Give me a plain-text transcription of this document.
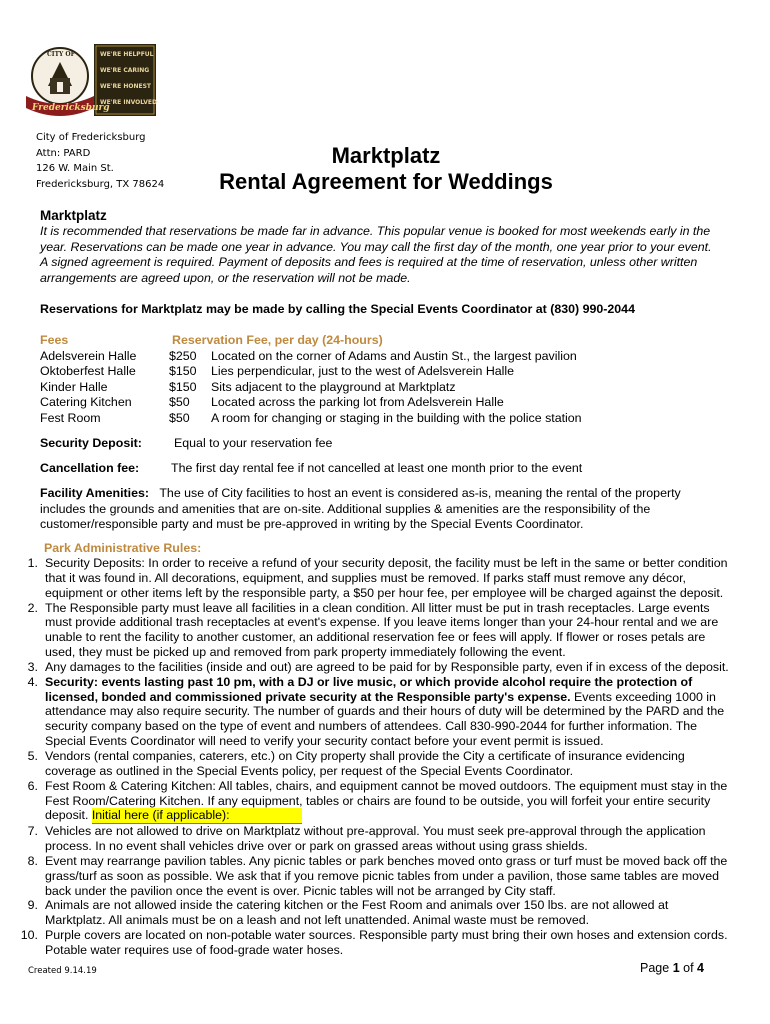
WE'RE HELPFUL
WE'RE CARING
WE'RE HONEST
WE'RE INVOLVED
CITY OF
Fredericksburg
City of Fredericksburg
Attn: PARD
126 W. Main St.
Fredericksburg, TX 78624
Marktplatz
Rental Agreement for Weddings
Marktplatz
It is recommended that reservations be made far in advance. This popular venue is booked for most weekends early in the
year. Reservations can be made one year in advance. You may call the first day of the month, one year prior to your event.
A signed agreement is required. Payment of deposits and fees is required at the time of reservation, unless other written
arrangements are agreed upon, or the reservation will not be made.
Reservations for Marktplatz may be made by calling the Special Events Coordinator at (830) 990-2044
Fees	Reservation Fee, per day (24-hours)
Adelsverein Halle	$250 Located on the corner of Adams and Austin St., the largest pavilion
Oktoberfest Halle	$150 Lies perpendicular, just to the west of Adelsverein Halle
Kinder Halle	$150 Sits adjacent to the playground at Marktplatz
Catering Kitchen	$50 Located across the parking lot from Adelsverein Halle
Fest Room	$50 A room for changing or staging in the building with the police station
Security Deposit:	Equal to your reservation fee
Cancellation fee:	The first day rental fee if not cancelled at least one month prior to the event
Facility Amenities: The use of City facilities to host an event is considered as-is, meaning the rental of the property
includes the grounds and amenities that are on-site. Additional supplies & amenities are the responsibility of the
customer/responsible party and must be pre-approved in writing by the Special Events Coordinator.
Park Administrative Rules:
1. Security Deposits: In order to receive a refund of your security deposit, the facility must be left in the same or better condition
that it was found in. All decorations, equipment, and supplies must be removed. If parks staff must remove any décor,
equipment or other items left by the responsible party, a $50 per hour fee, per employee will be charged against the deposit.
2. The Responsible party must leave all facilities in a clean condition. All litter must be put in trash receptacles. Large events
must provide additional trash receptacles at event's expense. If you leave items longer than your 24-hour rental and we are
unable to rent the facility to another customer, an additional reservation fee or fees will apply. If flower or roses petals are
used, they must be picked up and removed from park property immediately following the event.
3. Any damages to the facilities (inside and out) are agreed to be paid for by Responsible party, even if in excess of the deposit.
4. Security: events lasting past 10 pm, with a DJ or live music, or which provide alcohol require the protection of
licensed, bonded and commissioned private security at the Responsible party's expense. Events exceeding 1000 in
attendance may also require security. The number of guards and their hours of duty will be determined by the PARD and the
security company based on the type of event and numbers of attendees. Call 830-990-2044 for further information. The
Special Events Coordinator will need to verify your security contact before your event permit is issued.
5. Vendors (rental companies, caterers, etc.) on City property shall provide the City a certificate of insurance evidencing
coverage as outlined in the Special Events policy, per request of the Special Events Coordinator.
6. Fest Room & Catering Kitchen: All tables, chairs, and equipment cannot be moved outdoors. The equipment must stay in the
Fest Room/Catering Kitchen. If any equipment, tables or chairs are found to be outside, you will forfeit your entire security
deposit. Initial here (if applicable):
7. Vehicles are not allowed to drive on Marktplatz without pre-approval. You must seek pre-approval through the application
process. In no event shall vehicles drive over or park on grassed areas without using grass shields.
8. Event may rearrange pavilion tables. Any picnic tables or park benches moved onto grass or turf must be moved back off the
grass/turf as soon as possible. We ask that if you remove picnic tables from under a pavilion, those same tables are moved
back under the pavilion once the event is over. Picnic tables will not be arranged by City staff.
9. Animals are not allowed inside the catering kitchen or the Fest Room and animals over 150 lbs. are not allowed at
Marktplatz. All animals must be on a leash and not left unattended. Animal waste must be removed.
10. Purple covers are located on non-potable water sources. Responsible party must bring their own hoses and extension cords.
Potable water requires use of food-grade water hoses.
Created 9.14.19	Page 1 of 4
